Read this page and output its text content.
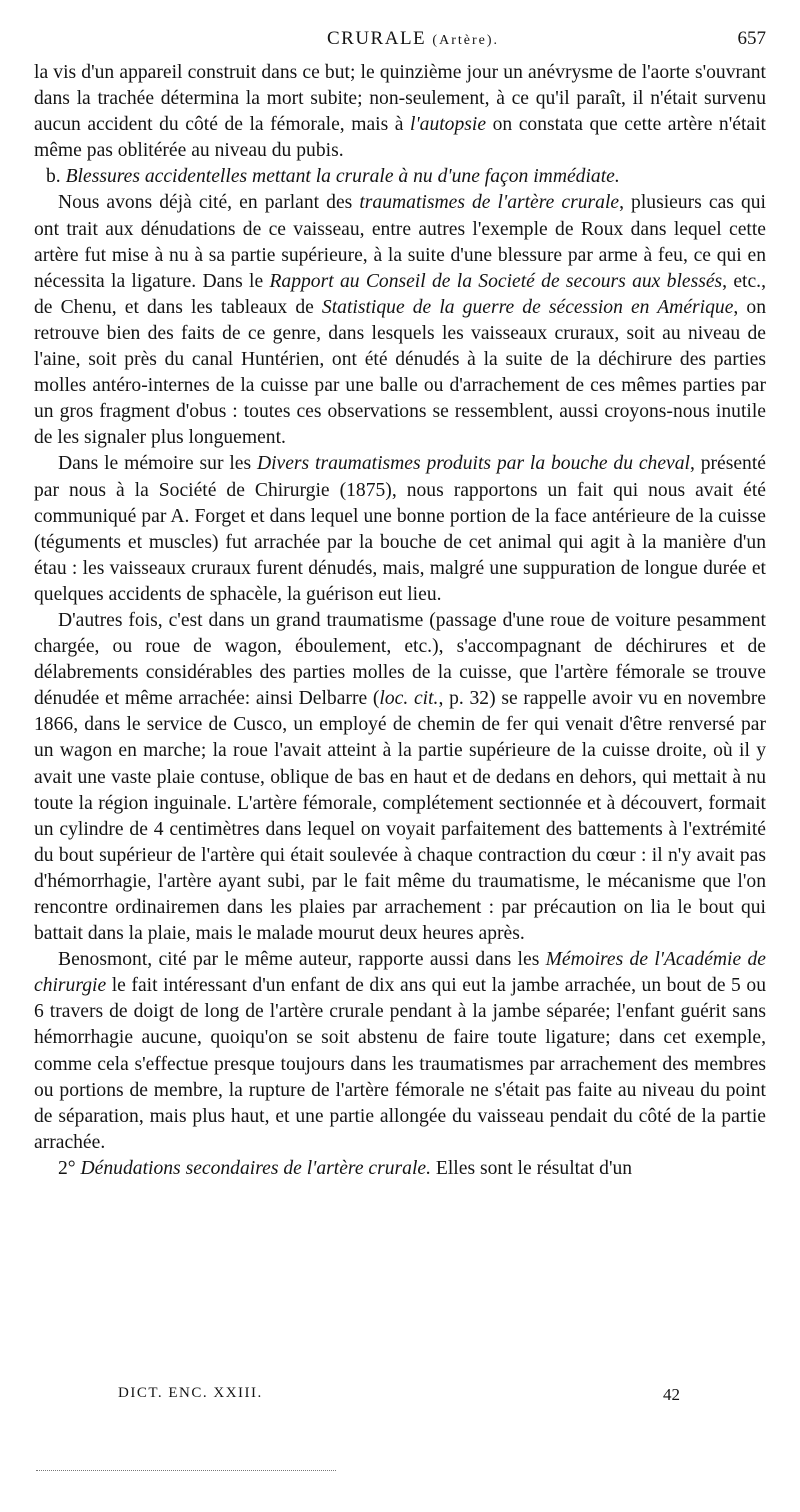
CRURALE (Artère).	657

la vis d'un appareil construit dans ce but; le quinzième jour un anévrysme de l'aorte s'ouvrant dans la trachée détermina la mort subite; non-seulement, à ce qu'il paraît, il n'était survenu aucun accident du côté de la fémorale, mais à l'autopsie on constata que cette artère n'était même pas oblitérée au niveau du pubis.

b. Blessures accidentelles mettant la crurale à nu d'une façon immédiate.

Nous avons déjà cité, en parlant des traumatismes de l'artère crurale, plusieurs cas qui ont trait aux dénudations de ce vaisseau, entre autres l'exemple de Roux dans lequel cette artère fut mise à nu à sa partie supérieure, à la suite d'une blessure par arme à feu, ce qui en nécessita la ligature. Dans le Rapport au Conseil de la Societé de secours aux blessés, etc., de Chenu, et dans les tableaux de Statistique de la guerre de sécession en Amérique, on retrouve bien des faits de ce genre, dans lesquels les vaisseaux cruraux, soit au niveau de l'aine, soit près du canal Huntérien, ont été dénudés à la suite de la déchirure des parties molles antéro-internes de la cuisse par une balle ou d'arrachement de ces mêmes parties par un gros fragment d'obus : toutes ces observations se ressemblent, aussi croyons-nous inutile de les signaler plus longuement.

Dans le mémoire sur les Divers traumatismes produits par la bouche du cheval, présenté par nous à la Société de Chirurgie (1875), nous rapportons un fait qui nous avait été communiqué par A. Forget et dans lequel une bonne portion de la face antérieure de la cuisse (téguments et muscles) fut arrachée par la bouche de cet animal qui agit à la manière d'un étau : les vaisseaux cruraux furent dénudés, mais, malgré une suppuration de longue durée et quelques accidents de sphacèle, la guérison eut lieu.

D'autres fois, c'est dans un grand traumatisme (passage d'une roue de voiture pesamment chargée, ou roue de wagon, éboulement, etc.), s'accompagnant de déchirures et de délabrements considérables des parties molles de la cuisse, que l'artère fémorale se trouve dénudée et même arrachée: ainsi Delbarre (loc. cit., p. 32) se rappelle avoir vu en novembre 1866, dans le service de Cusco, un employé de chemin de fer qui venait d'être renversé par un wagon en marche; la roue l'avait atteint à la partie supérieure de la cuisse droite, où il y avait une vaste plaie contuse, oblique de bas en haut et de dedans en dehors, qui mettait à nu toute la région inguinale. L'artère fémorale, complétement sectionnée et à découvert, formait un cylindre de 4 centimètres dans lequel on voyait parfaitement des battements à l'extrémité du bout supérieur de l'artère qui était soulevée à chaque contraction du cœur : il n'y avait pas d'hémorrhagie, l'artère ayant subi, par le fait même du traumatisme, le mécanisme que l'on rencontre ordinairemen dans les plaies par arrachement : par précaution on lia le bout qui battait dans la plaie, mais le malade mourut deux heures après.

Benosmont, cité par le même auteur, rapporte aussi dans les Mémoires de l'Académie de chirurgie le fait intéressant d'un enfant de dix ans qui eut la jambe arrachée, un bout de 5 ou 6 travers de doigt de long de l'artère crurale pendant à la jambe séparée; l'enfant guérit sans hémorrhagie aucune, quoiqu'on se soit abstenu de faire toute ligature; dans cet exemple, comme cela s'effectue presque toujours dans les traumatismes par arrachement des membres ou portions de membre, la rupture de l'artère fémorale ne s'était pas faite au niveau du point de séparation, mais plus haut, et une partie allongée du vaisseau pendait du côté de la partie arrachée.

2° Dénudations secondaires de l'artère crurale. Elles sont le résultat d'un

DICT. ENC. XXIII.	42
